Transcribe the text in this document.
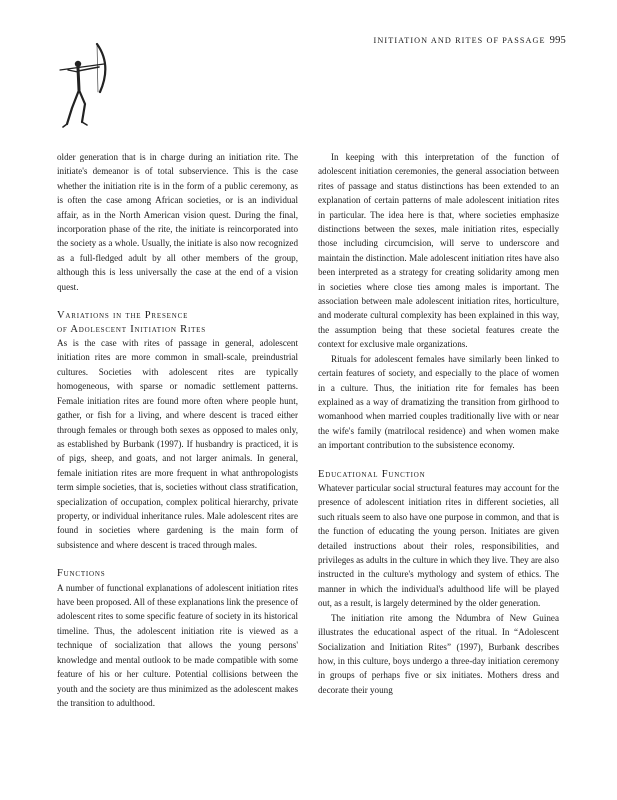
INITIATION AND RITES OF PASSAGE 995

older generation that is in charge during an initiation rite. The initiate's demeanor is of total subservience. This is the case whether the initiation rite is in the form of a public ceremony, as is often the case among African societies, or is an individual affair, as in the North American vision quest. During the final, incorporation phase of the rite, the initiate is reincorporated into the society as a whole. Usually, the initiate is also now recognized as a full-fledged adult by all other members of the group, although this is less universally the case at the end of a vision quest.

Variations in the Presence
of Adolescent Initiation Rites

As is the case with rites of passage in general, adolescent initiation rites are more common in small-scale, preindustrial cultures. Societies with adolescent rites are typically homogeneous, with sparse or nomadic settlement patterns. Female initiation rites are found more often where people hunt, gather, or fish for a living, and where descent is traced either through females or through both sexes as opposed to males only, as established by Burbank (1997). If husbandry is practiced, it is of pigs, sheep, and goats, and not larger animals. In general, female initiation rites are more frequent in what anthropologists term simple societies, that is, societies without class stratification, specialization of occupation, complex political hierarchy, private property, or individual inheritance rules. Male adolescent rites are found in societies where gardening is the main form of subsistence and where descent is traced through males.

Functions

A number of functional explanations of adolescent initiation rites have been proposed. All of these explanations link the presence of adolescent rites to some specific feature of society in its historical timeline. Thus, the adolescent initiation rite is viewed as a technique of socialization that allows the young persons' knowledge and mental outlook to be made compatible with some feature of his or her culture. Potential collisions between the youth and the society are thus minimized as the adolescent makes the transition to adulthood.

In keeping with this interpretation of the function of adolescent initiation ceremonies, the general association between rites of passage and status distinctions has been extended to an explanation of certain patterns of male adolescent initiation rites in particular. The idea here is that, where societies emphasize distinctions between the sexes, male initiation rites, especially those including circumcision, will serve to underscore and maintain the distinction. Male adolescent initiation rites have also been interpreted as a strategy for creating solidarity among men in societies where close ties among males is important. The association between male adolescent initiation rites, horticulture, and moderate cultural complexity has been explained in this way, the assumption being that these societal features create the context for exclusive male organizations.

Rituals for adolescent females have similarly been linked to certain features of society, and especially to the place of women in a culture. Thus, the initiation rite for females has been explained as a way of dramatizing the transition from girlhood to womanhood when married couples traditionally live with or near the wife's family (matrilocal residence) and when women make an important contribution to the subsistence economy.

Educational Function

Whatever particular social structural features may account for the presence of adolescent initiation rites in different societies, all such rituals seem to also have one purpose in common, and that is the function of educating the young person. Initiates are given detailed instructions about their roles, responsibilities, and privileges as adults in the culture in which they live. They are also instructed in the culture's mythology and system of ethics. The manner in which the individual's adulthood life will be played out, as a result, is largely determined by the older generation.

The initiation rite among the Ndumbra of New Guinea illustrates the educational aspect of the ritual. In “Adolescent Socialization and Initiation Rites” (1997), Burbank describes how, in this culture, boys undergo a three-day initiation ceremony in groups of perhaps five or six initiates. Mothers dress and decorate their young
